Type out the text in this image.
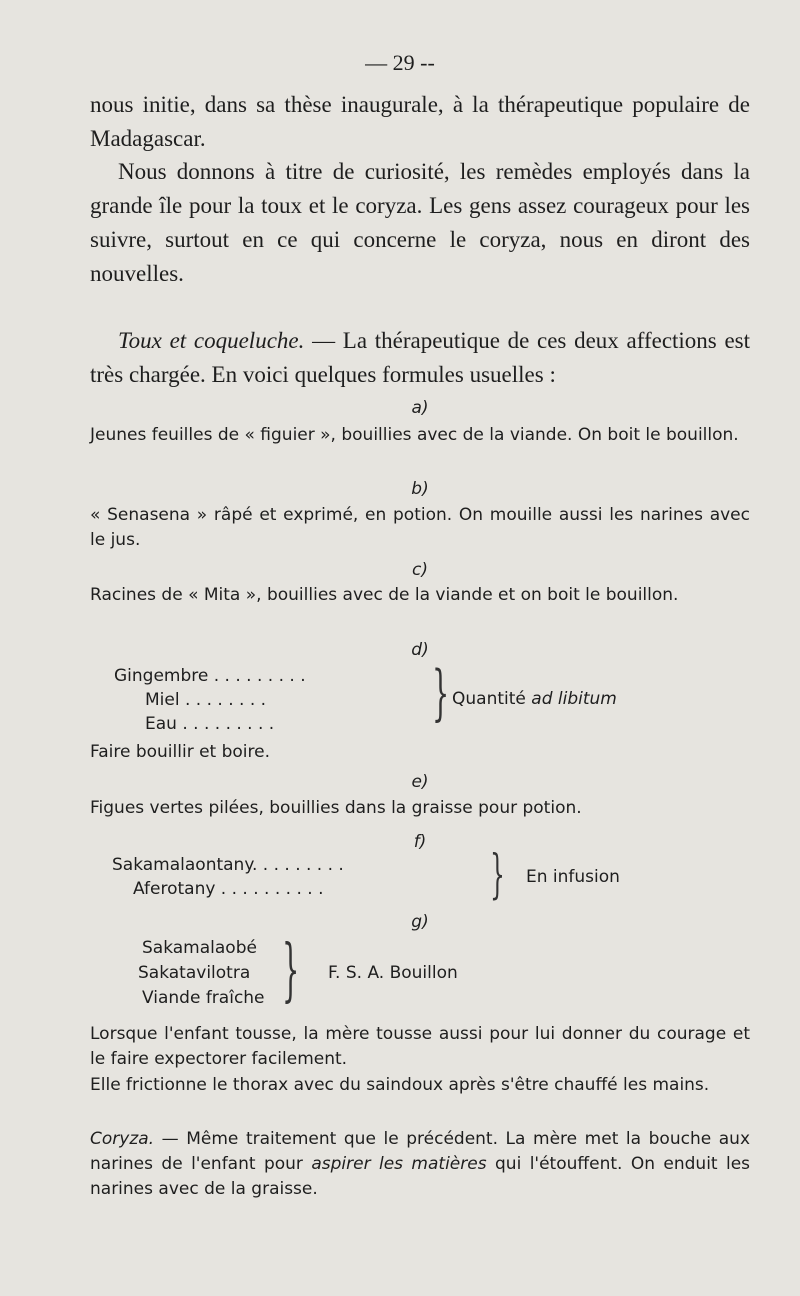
— 29 --

nous initie, dans sa thèse inaugurale, à la thérapeutique populaire de Madagascar.

Nous donnons à titre de curiosité, les remèdes employés dans la grande île pour la toux et le coryza. Les gens assez courageux pour les suivre, surtout en ce qui concerne le coryza, nous en diront des nouvelles.

Toux et coqueluche. — La thérapeutique de ces deux affections est très chargée. En voici quelques formules usuelles :

a)

Jeunes feuilles de « figuier », bouillies avec de la viande. On boit le bouillon.

b)

« Senasena » râpé et exprimé, en potion. On mouille aussi les narines avec le jus.

c)

Racines de « Mita », bouillies avec de la viande et on boit le bouillon.

d)
Gingembre . . . . . . . . .
Miel . . . . . . . .
Eau . . . . . . . . .	} Quantité ad libitum
Faire bouillir et boire.
e)
Figues vertes pilées, bouillies dans la graisse pour potion.
f)
Sakamalaontany. . . . . . . . .
Aferotany . . . . . . . . . .	} En infusion
g)
Sakamalaobé
Sakatavilotra
Viande fraîche } F. S. A. Bouillon

Lorsque l'enfant tousse, la mère tousse aussi pour lui donner du courage et le faire expectorer facilement.

Elle frictionne le thorax avec du saindoux après s'être chauffé les mains.

Coryza. — Même traitement que le précédent. La mère met la bouche aux narines de l'enfant pour aspirer les matières qui l'étouffent. On enduit les narines avec de la graisse.
